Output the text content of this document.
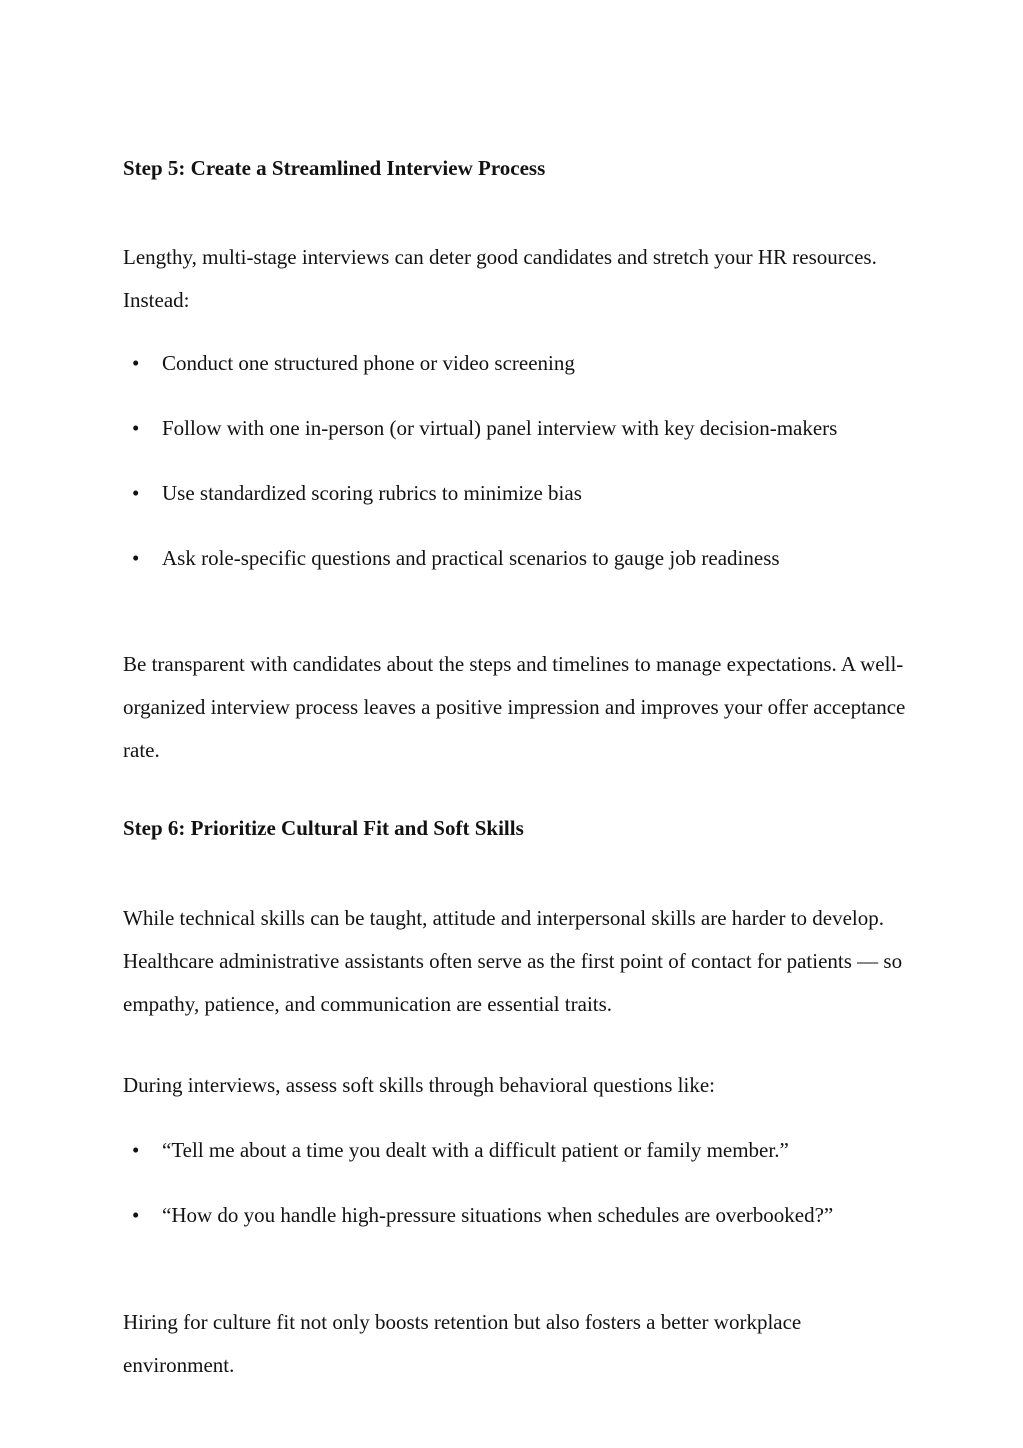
Step 5: Create a Streamlined Interview Process

Lengthy, multi-stage interviews can deter good candidates and stretch your HR resources. Instead:

• Conduct one structured phone or video screening
• Follow with one in-person (or virtual) panel interview with key decision-makers
• Use standardized scoring rubrics to minimize bias
• Ask role-specific questions and practical scenarios to gauge job readiness

Be transparent with candidates about the steps and timelines to manage expectations. A well-organized interview process leaves a positive impression and improves your offer acceptance rate.

Step 6: Prioritize Cultural Fit and Soft Skills

While technical skills can be taught, attitude and interpersonal skills are harder to develop. Healthcare administrative assistants often serve as the first point of contact for patients — so empathy, patience, and communication are essential traits.

During interviews, assess soft skills through behavioral questions like:

• “Tell me about a time you dealt with a difficult patient or family member.”
• “How do you handle high-pressure situations when schedules are overbooked?”

Hiring for culture fit not only boosts retention but also fosters a better workplace environment.
